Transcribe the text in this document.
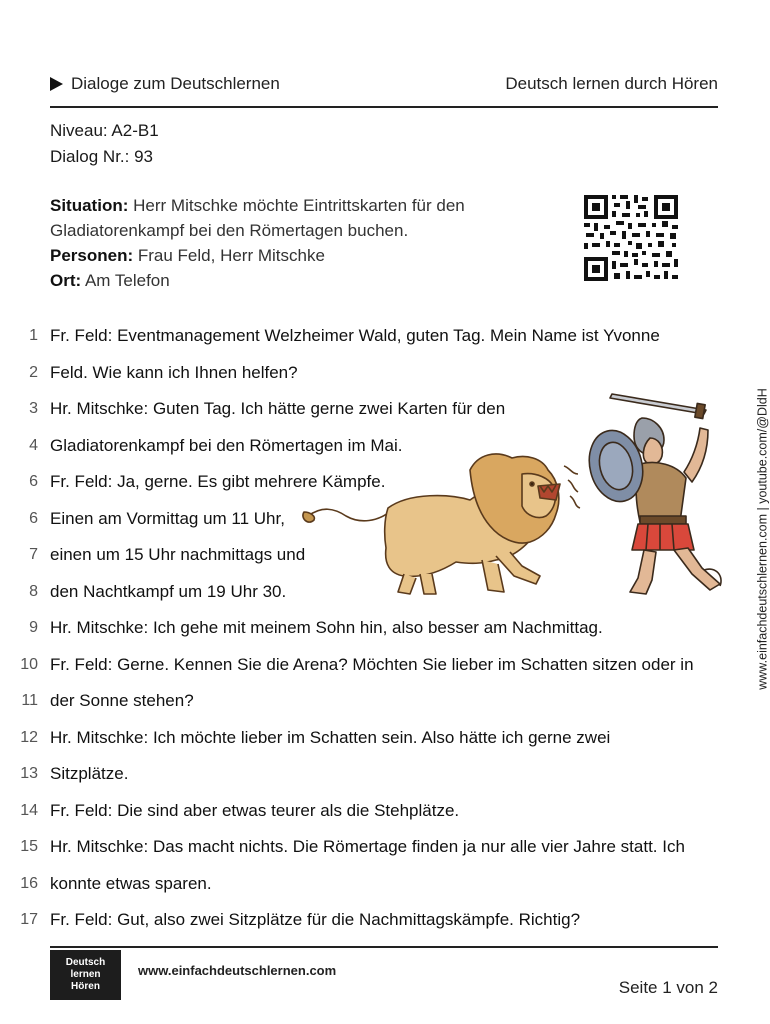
Dialoge zum Deutschlernen	Deutsch lernen durch Hören
Niveau: A2-B1
Dialog Nr.: 93
Situation: Herr Mitschke möchte Eintrittskarten für den Gladiatorenkampf bei den Römertagen buchen.
Personen: Frau Feld, Herr Mitschke
Ort: Am Telefon
www.einfachdeutschlernen.com | youtube.com/@DldH
1 Fr. Feld: Eventmanagement Welzheimer Wald, guten Tag. Mein Name ist Yvonne
2 Feld. Wie kann ich Ihnen helfen?
3 Hr. Mitschke: Guten Tag. Ich hätte gerne zwei Karten für den
4 Gladiatorenkampf bei den Römertagen im Mai.
6 Fr. Feld: Ja, gerne. Es gibt mehrere Kämpfe.
6 Einen am Vormittag um 11 Uhr,
7 einen um 15 Uhr nachmittags und
8 den Nachtkampf um 19 Uhr 30.
9 Hr. Mitschke: Ich gehe mit meinem Sohn hin, also besser am Nachmittag.
10 Fr. Feld: Gerne. Kennen Sie die Arena? Möchten Sie lieber im Schatten sitzen oder in
11 der Sonne stehen?
12 Hr. Mitschke: Ich möchte lieber im Schatten sein. Also hätte ich gerne zwei
13 Sitzplätze.
14 Fr. Feld: Die sind aber etwas teurer als die Stehplätze.
15 Hr. Mitschke: Das macht nichts. Die Römertage finden ja nur alle vier Jahre statt. Ich
16 konnte etwas sparen.
17 Fr. Feld: Gut, also zwei Sitzplätze für die Nachmittagskämpfe. Richtig?
Deutsch
lernen
Hören
www.einfachdeutschlernen.com
Seite 1 von 2
